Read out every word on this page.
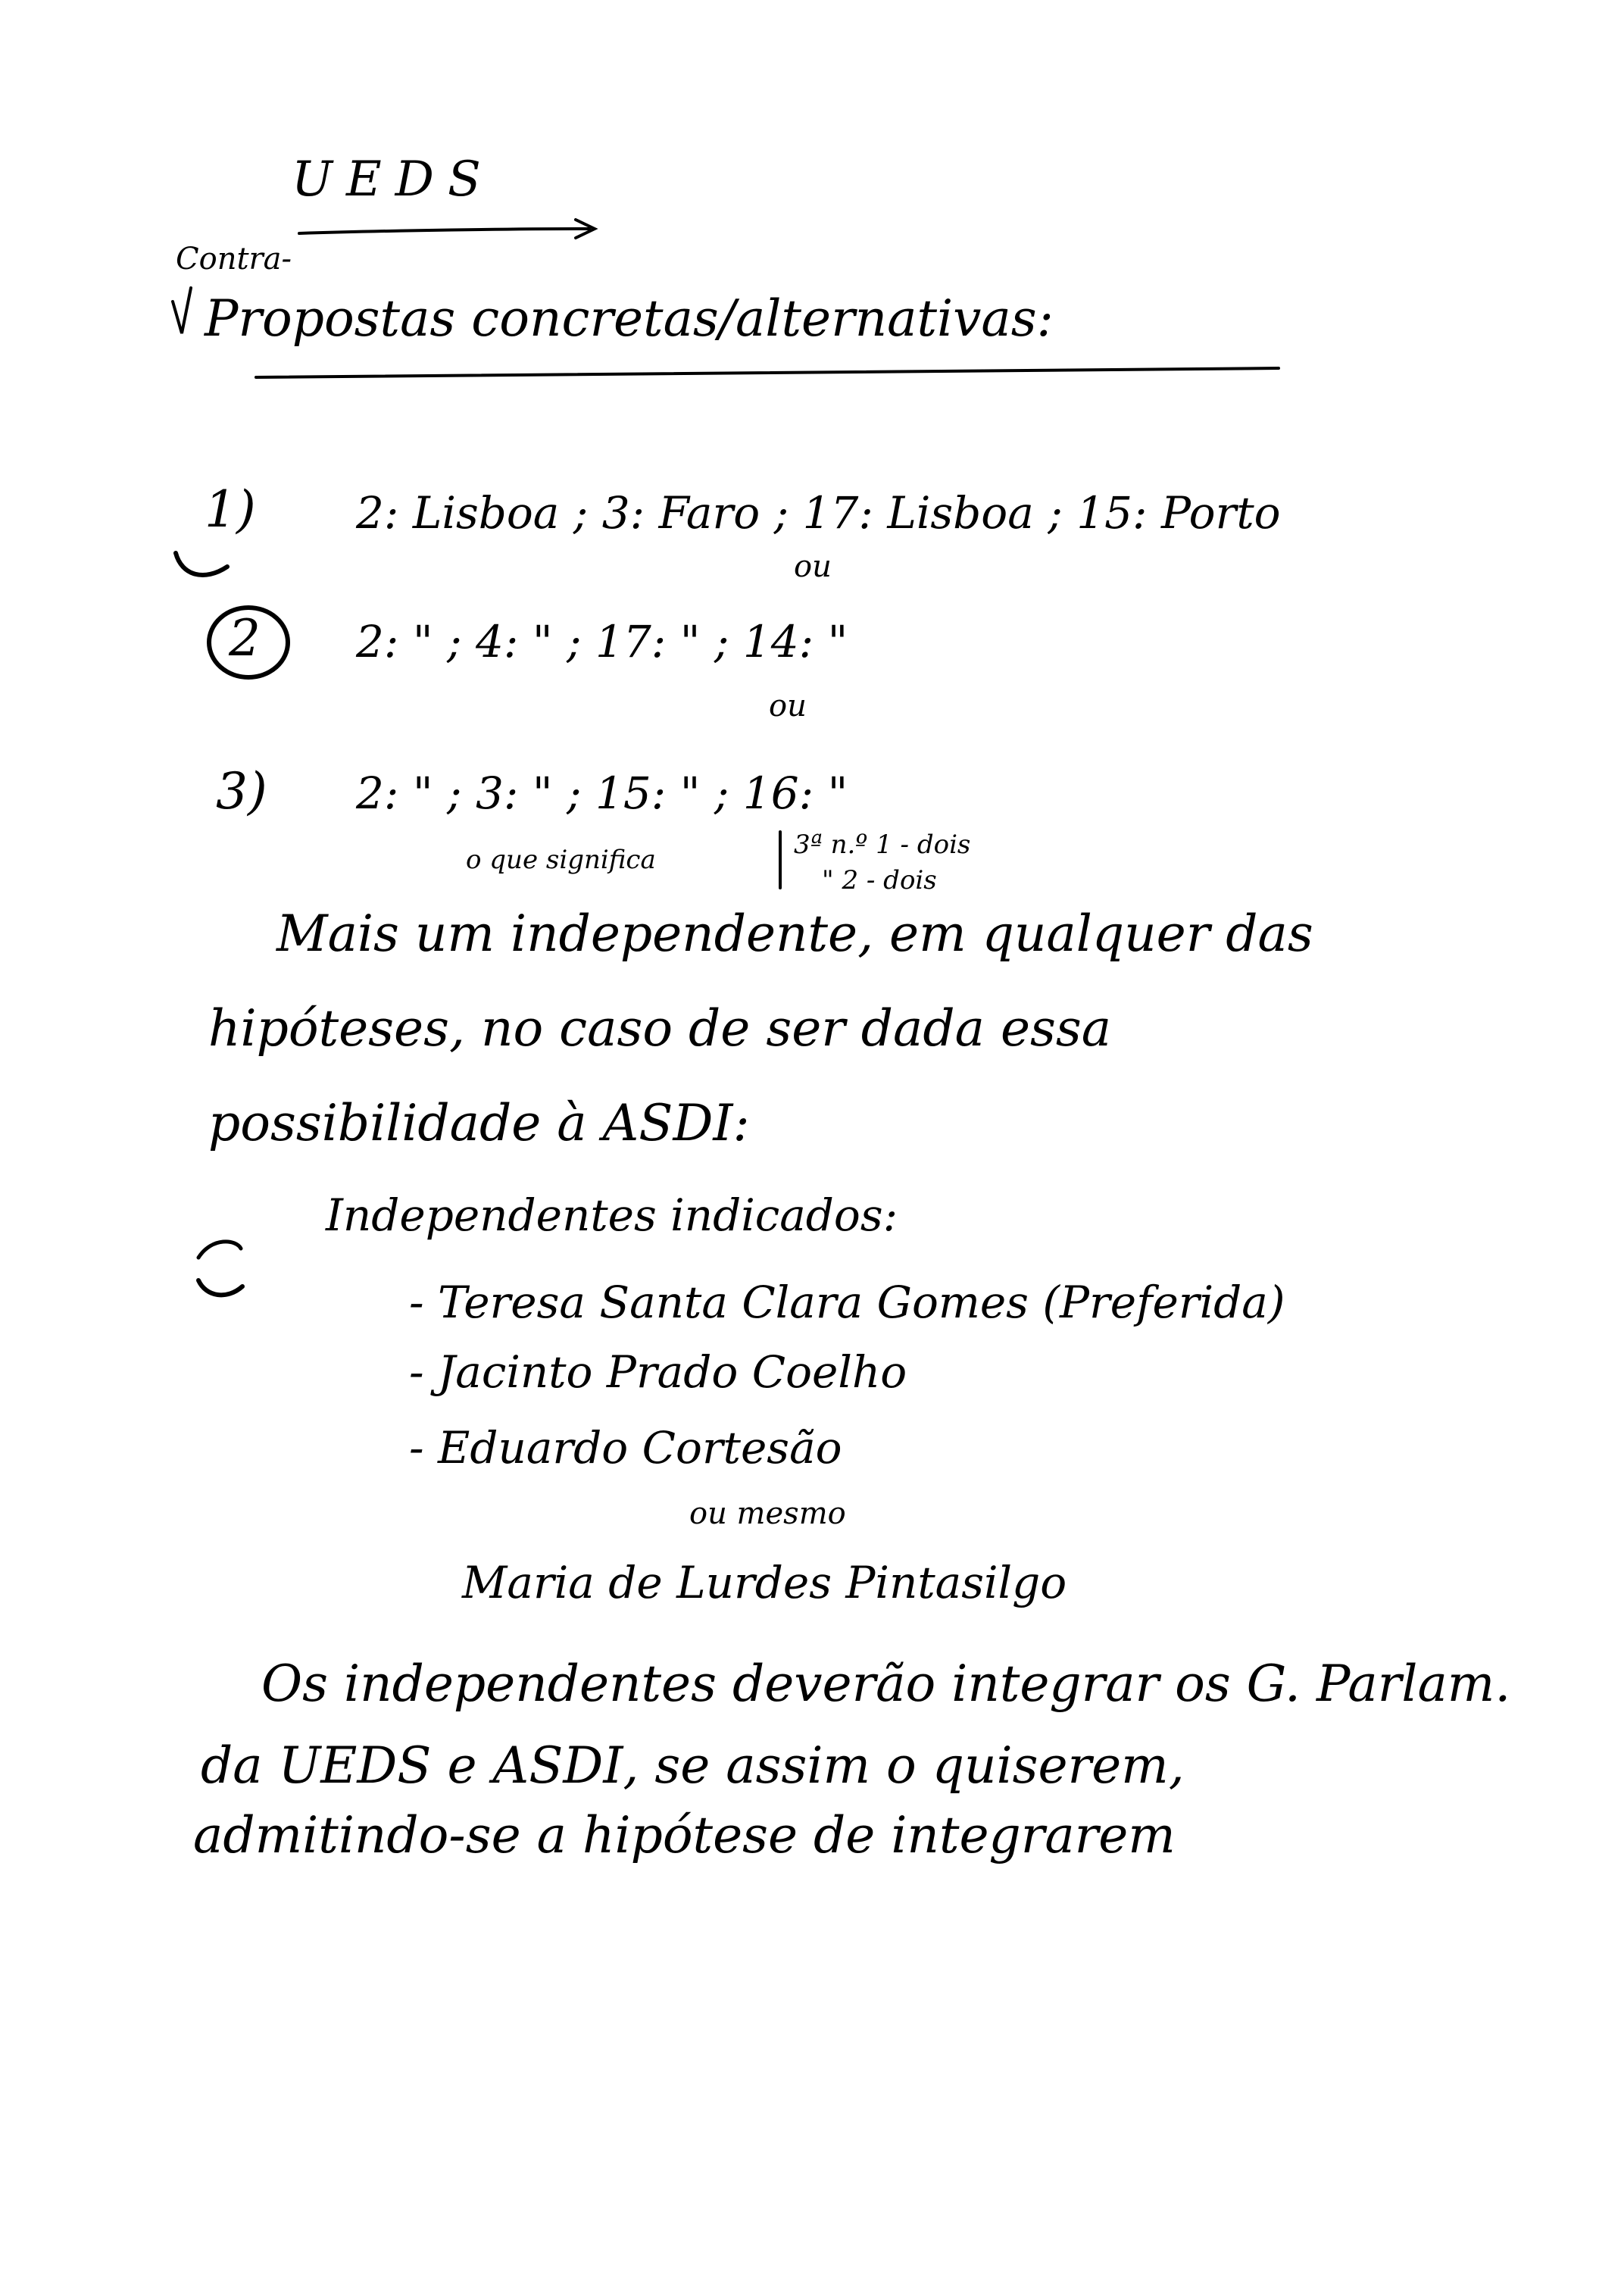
UEDS
Contra-
Propostas concretas/alternativas:
1) 2: Lisboa ; 3: Faro ; 17: Lisboa ; 15: Porto
ou
2 2: " ; 4: " ; 17: " ; 14: "
ou
3) 2: " ; 3: " ; 15: " ; 16: "
o que significa	3ª n.º 1 - dois
" 2 - dois
Mais um independente, em qualquer das
hipóteses, no caso de ser dada essa
possibilidade à ASDI:
Independentes indicados:
- Teresa Santa Clara Gomes (Preferida)
- Jacinto Prado Coelho
- Eduardo Cortesão
ou mesmo
Maria de Lurdes Pintasilgo
Os independentes deverão integrar os G. Parlam.
da UEDS e ASDI, se assim o quiserem,
admitindo-se a hipótese de integrarem
